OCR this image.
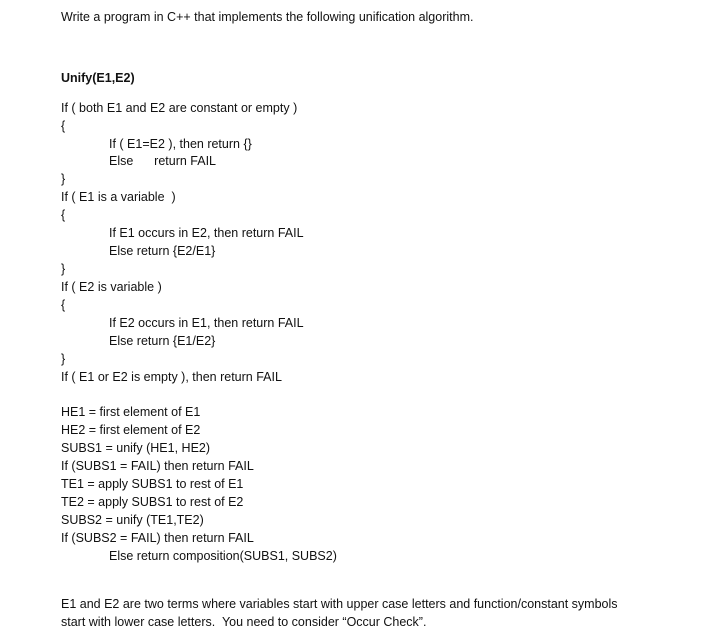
Write a program in C++ that implements the following unification algorithm.
Unify(E1,E2)
If ( both E1 and E2 are constant or empty )
{
If ( E1=E2 ), then return {}
Else      return FAIL
}
If ( E1 is a variable  )
{
If E1 occurs in E2, then return FAIL
Else return {E2/E1}
}
If ( E2 is variable )
{
If E2 occurs in E1, then return FAIL
Else return {E1/E2}
}
If ( E1 or E2 is empty ), then return FAIL
HE1 = first element of E1
HE2 = first element of E2
SUBS1 = unify (HE1, HE2)
If (SUBS1 = FAIL) then return FAIL
TE1 = apply SUBS1 to rest of E1
TE2 = apply SUBS1 to rest of E2
SUBS2 = unify (TE1,TE2)
If (SUBS2 = FAIL) then return FAIL
Else return composition(SUBS1, SUBS2)
E1 and E2 are two terms where variables start with upper case letters and function/constant symbols
start with lower case letters.  You need to consider “Occur Check”.
